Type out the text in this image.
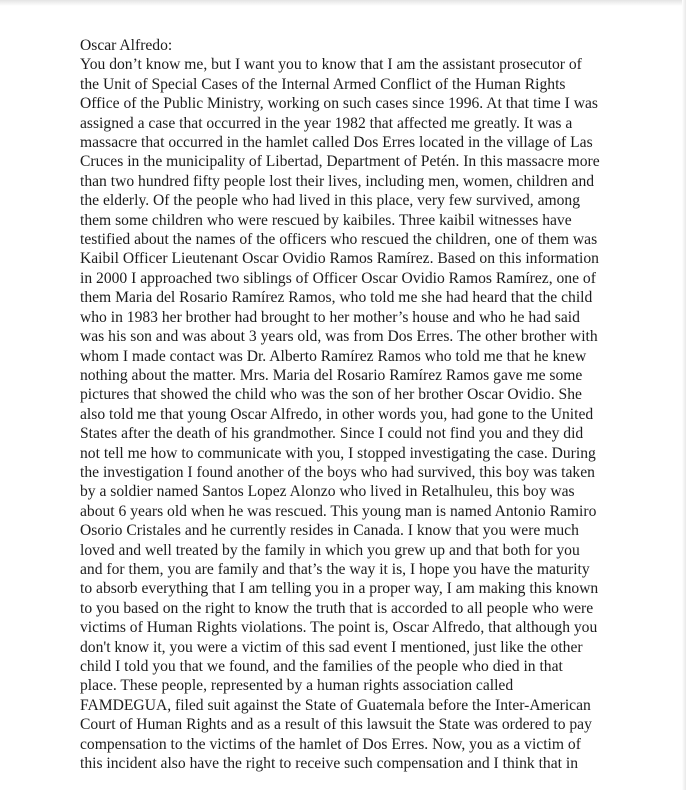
Oscar Alfredo:
You don’t know me, but I want you to know that I am the assistant prosecutor of
the Unit of Special Cases of the Internal Armed Conflict of the Human Rights
Office of the Public Ministry, working on such cases since 1996. At that time I was
assigned a case that occurred in the year 1982 that affected me greatly. It was a
massacre that occurred in the hamlet called Dos Erres located in the village of Las
Cruces in the municipality of Libertad, Department of Petén. In this massacre more
than two hundred fifty people lost their lives, including men, women, children and
the elderly. Of the people who had lived in this place, very few survived, among
them some children who were rescued by kaibiles. Three kaibil witnesses have
testified about the names of the officers who rescued the children, one of them was
Kaibil Officer Lieutenant Oscar Ovidio Ramos Ramírez. Based on this information
in 2000 I approached two siblings of Officer Oscar Ovidio Ramos Ramírez, one of
them Maria del Rosario Ramírez Ramos, who told me she had heard that the child
who in 1983 her brother had brought to her mother’s house and who he had said
was his son and was about 3 years old, was from Dos Erres. The other brother with
whom I made contact was Dr. Alberto Ramírez Ramos who told me that he knew
nothing about the matter. Mrs. Maria del Rosario Ramírez Ramos gave me some
pictures that showed the child who was the son of her brother Oscar Ovidio. She
also told me that young Oscar Alfredo, in other words you, had gone to the United
States after the death of his grandmother. Since I could not find you and they did
not tell me how to communicate with you, I stopped investigating the case. During
the investigation I found another of the boys who had survived, this boy was taken
by a soldier named Santos Lopez Alonzo who lived in Retalhuleu, this boy was
about 6 years old when he was rescued. This young man is named Antonio Ramiro
Osorio Cristales and he currently resides in Canada. I know that you were much
loved and well treated by the family in which you grew up and that both for you
and for them, you are family and that’s the way it is, I hope you have the maturity
to absorb everything that I am telling you in a proper way, I am making this known
to you based on the right to know the truth that is accorded to all people who were
victims of Human Rights violations. The point is, Oscar Alfredo, that although you
don't know it, you were a victim of this sad event I mentioned, just like the other
child I told you that we found, and the families of the people who died in that
place. These people, represented by a human rights association called
FAMDEGUA, filed suit against the State of Guatemala before the Inter-American
Court of Human Rights and as a result of this lawsuit the State was ordered to pay
compensation to the victims of the hamlet of Dos Erres. Now, you as a victim of
this incident also have the right to receive such compensation and I think that in
